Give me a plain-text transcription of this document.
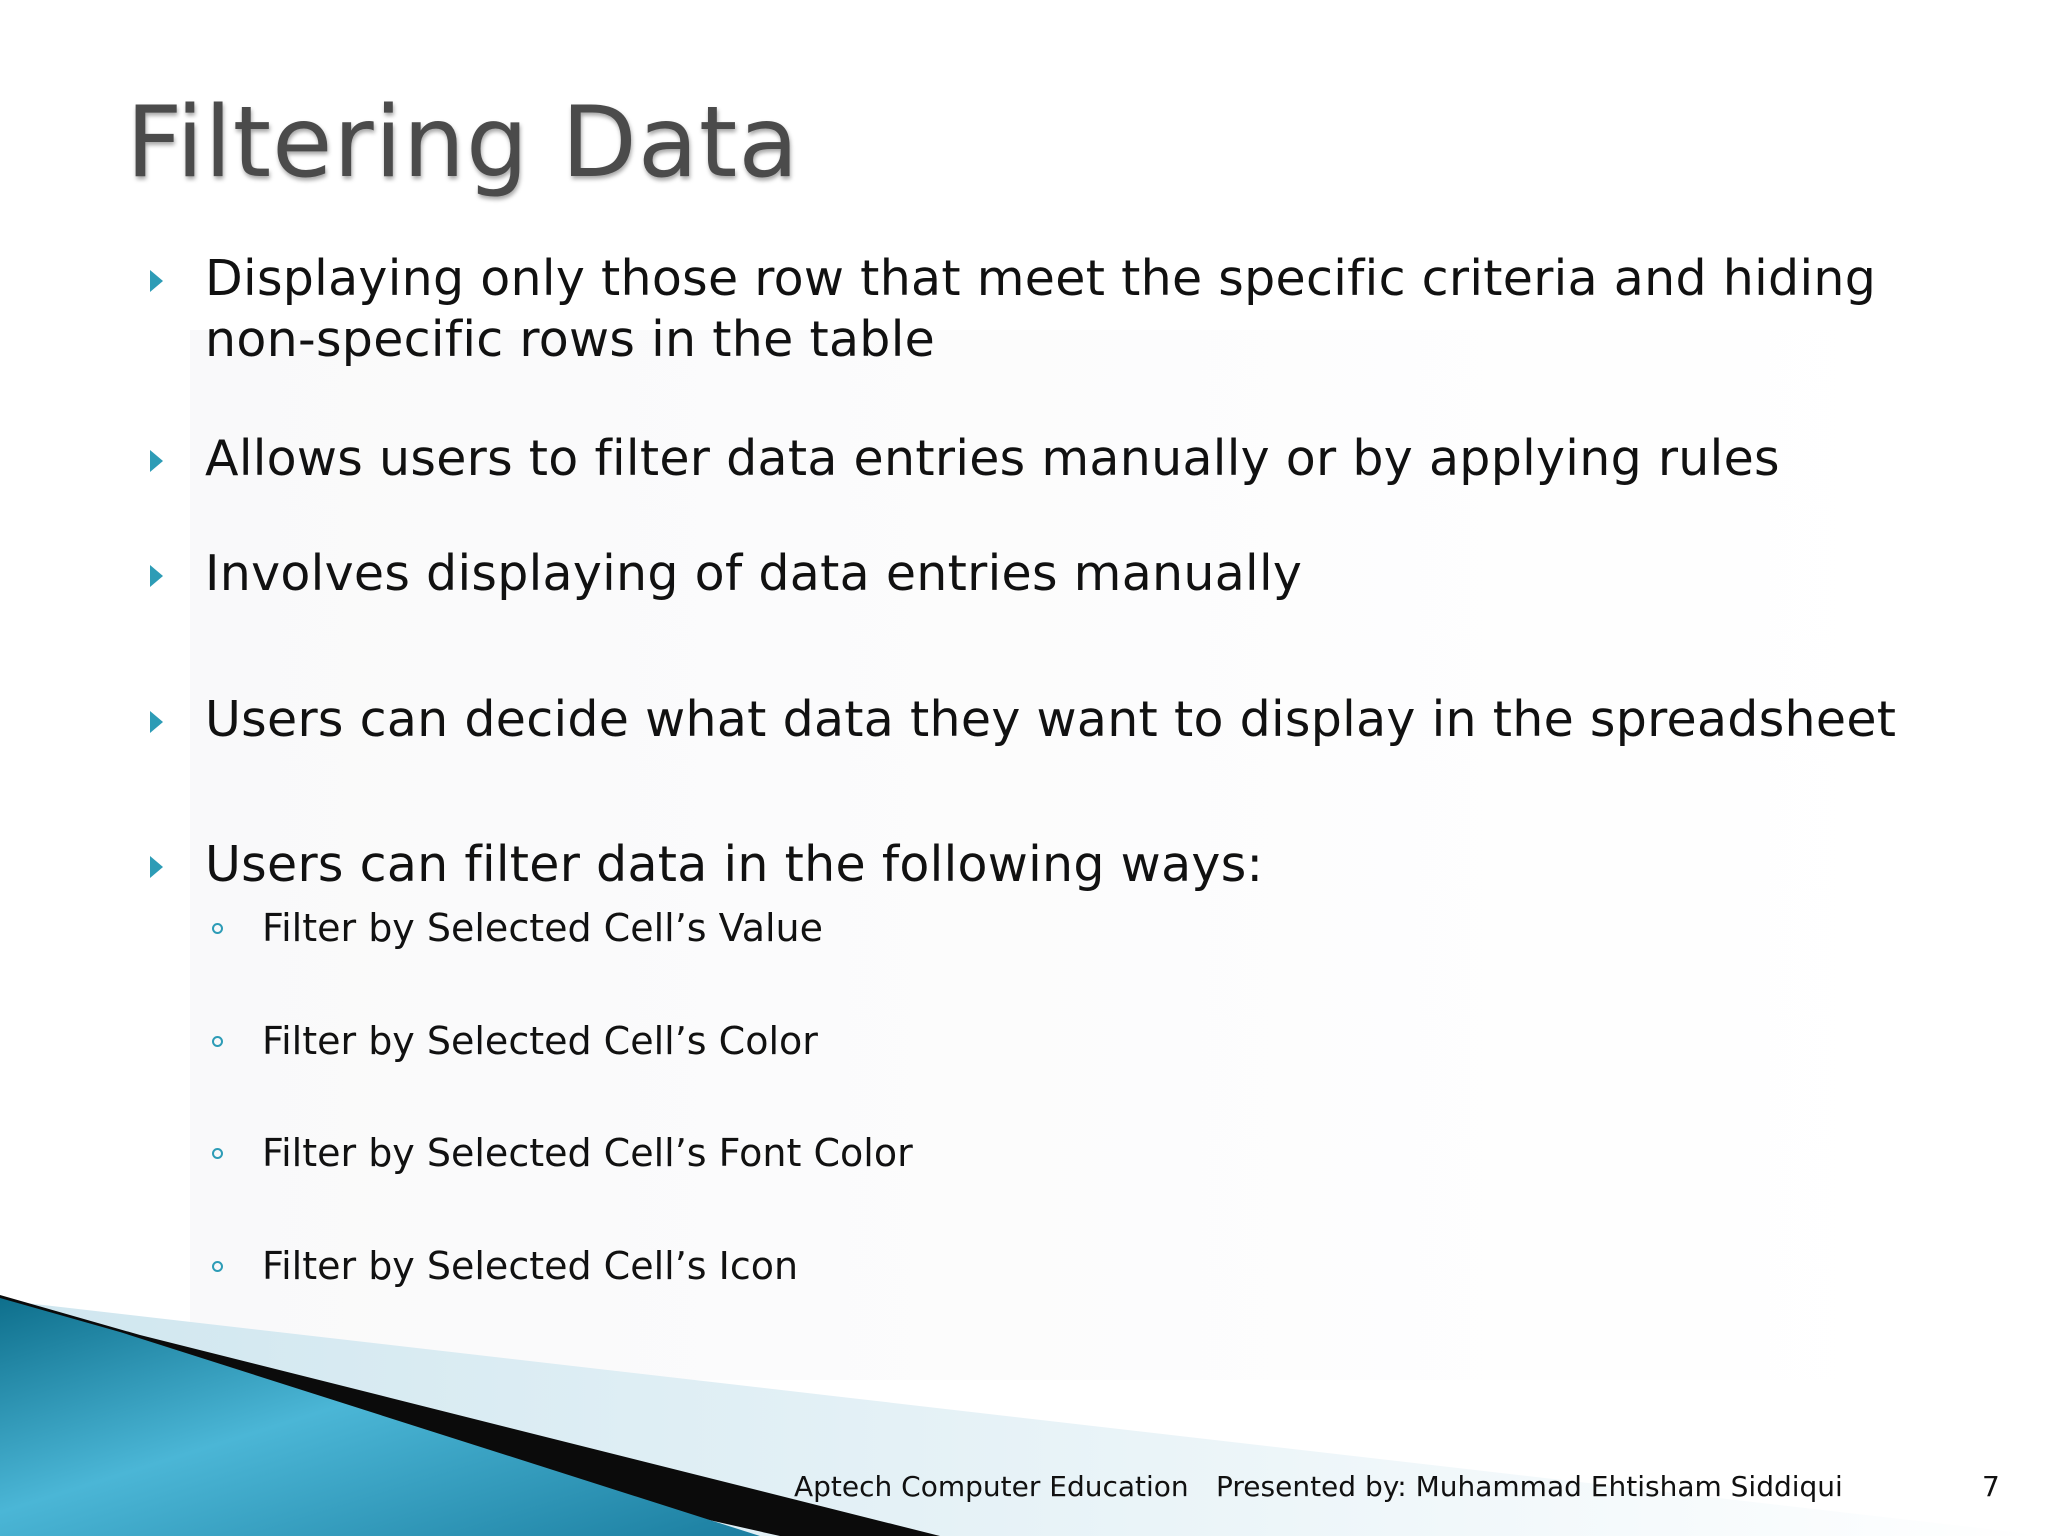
Filtering Data
Displaying only those row that meet the specific criteria and hiding non-specific rows in the table
Allows users to filter data entries manually or by applying rules
Involves displaying of data entries manually
Users can decide what data they want to display in the spreadsheet
Users can filter data in the following ways:
Filter by Selected Cell’s Value
Filter by Selected Cell’s Color
Filter by Selected Cell’s Font Color
Filter by Selected Cell’s Icon
Aptech Computer Education Presented by: Muhammad Ehtisham Siddiqui	7
